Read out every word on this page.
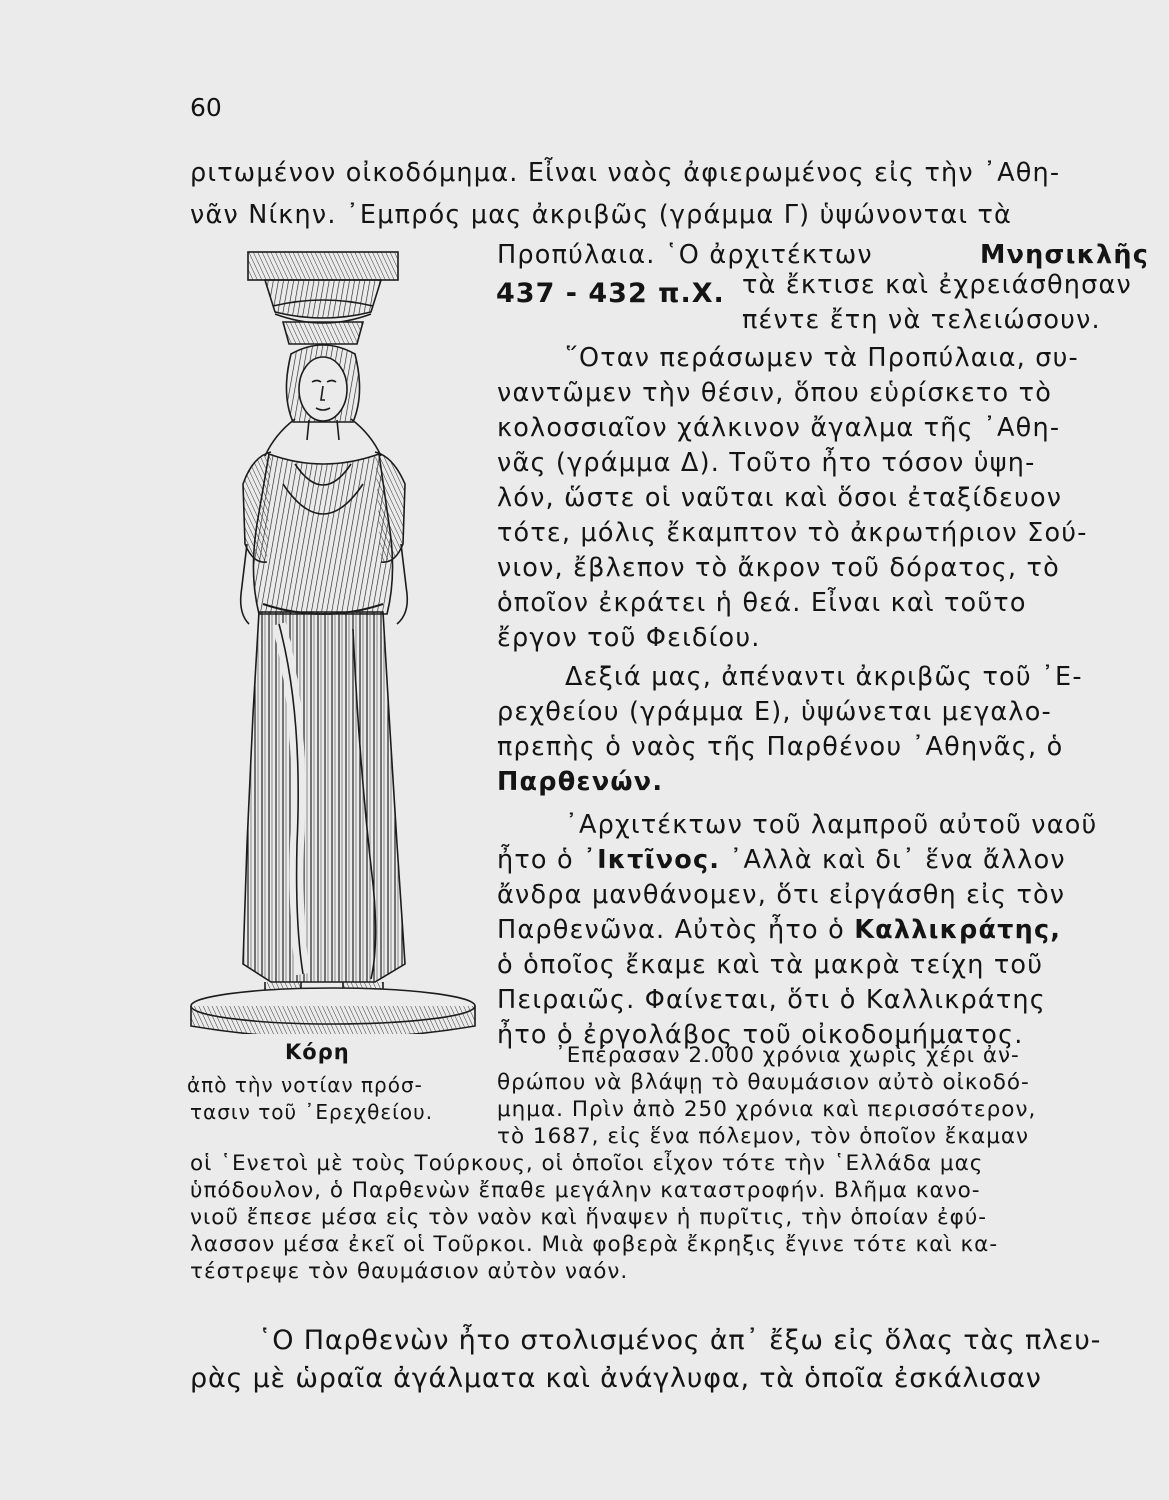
60
ριτωμένον οἰκοδόμημα. Εἶναι ναὸς ἀφιερωμένος εἰς τὴν ᾿Αθη-
νᾶν Νίκην. ᾿Εμπρός μας ἀκριβῶς (γράμμα Γ) ὑψώνονται τὰ
Προπύλαια. ῾Ο ἀρχιτέκτων	Μνησικλῆς
437 - 432 π.Χ. τὰ ἔκτισε καὶ ἐχρειάσθησαν
πέντε ἔτη νὰ τελειώσουν.
῞Οταν περάσωμεν τὰ Προπύλαια, συ-
ναντῶμεν τὴν θέσιν, ὅπου εὑρίσκετο τὸ
κολοσσιαῖον χάλκινον ἄγαλμα τῆς ᾿Αθη-
νᾶς (γράμμα Δ). Τοῦτο ἦτο τόσον ὑψη-
λόν, ὥστε οἱ ναῦται καὶ ὅσοι ἐταξίδευον
τότε, μόλις ἔκαμπτον τὸ ἀκρωτήριον Σού-
νιον, ἔβλεπον τὸ ἄκρον τοῦ δόρατος, τὸ
ὁποῖον ἐκράτει ἡ θεά. Εἶναι καὶ τοῦτο
ἔργον τοῦ Φειδίου.
Δεξιά μας, ἀπέναντι ἀκριβῶς τοῦ ᾿Ε-
ρεχθείου (γράμμα Ε), ὑψώνεται μεγαλο-
πρεπὴς ὁ ναὸς τῆς Παρθένου ᾿Αθηνᾶς, ὁ
Παρθενών.
᾿Αρχιτέκτων τοῦ λαμπροῦ αὐτοῦ ναοῦ
ἦτο ὁ ᾿Ικτῖνος. ᾿Αλλὰ καὶ δι᾿ ἕνα ἄλλον
ἄνδρα μανθάνομεν, ὅτι εἰργάσθη εἰς τὸν
Παρθενῶνα. Αὐτὸς ἦτο ὁ Καλλικράτης,
ὁ ὁποῖος ἔκαμε καὶ τὰ μακρὰ τείχη τοῦ
Πειραιῶς. Φαίνεται, ὅτι ὁ Καλλικράτης
ἦτο ὁ ἐργολάβος τοῦ οἰκοδομήματος.
᾿Επέρασαν 2.000 χρόνια χωρὶς χέρι ἀν-
θρώπου νὰ βλάψῃ τὸ θαυμάσιον αὐτὸ οἰκοδό-
μημα. Πρὶν ἀπὸ 250 χρόνια καὶ περισσότερον,
τὸ 1687, εἰς ἕνα πόλεμον, τὸν ὁποῖον ἔκαμαν
οἱ ῾Ενετοὶ μὲ τοὺς Τούρκους, οἱ ὁποῖοι εἶχον τότε τὴν ῾Ελλάδα μας
ὑπόδουλον, ὁ Παρθενὼν ἔπαθε μεγάλην καταστροφήν. Βλῆμα κανο-
νιοῦ ἔπεσε μέσα εἰς τὸν ναὸν καὶ ἥναψεν ἡ πυρῖτις, τὴν ὁποίαν ἐφύ-
λασσον μέσα ἐκεῖ οἱ Τοῦρκοι. Μιὰ φοβερὰ ἔκρηξις ἔγινε τότε καὶ κα-
τέστρεψε τὸν θαυμάσιον αὐτὸν ναόν.
Κόρη
ἀπὸ τὴν νοτίαν πρόσ-
τασιν τοῦ ᾿Ερεχθείου.
῾Ο Παρθενὼν ἦτο στολισμένος ἀπ᾿ ἔξω εἰς ὅλας τὰς πλευ-
ρὰς μὲ ὡραῖα ἀγάλματα καὶ ἀνάγλυφα, τὰ ὁποῖα ἐσκάλισαν
